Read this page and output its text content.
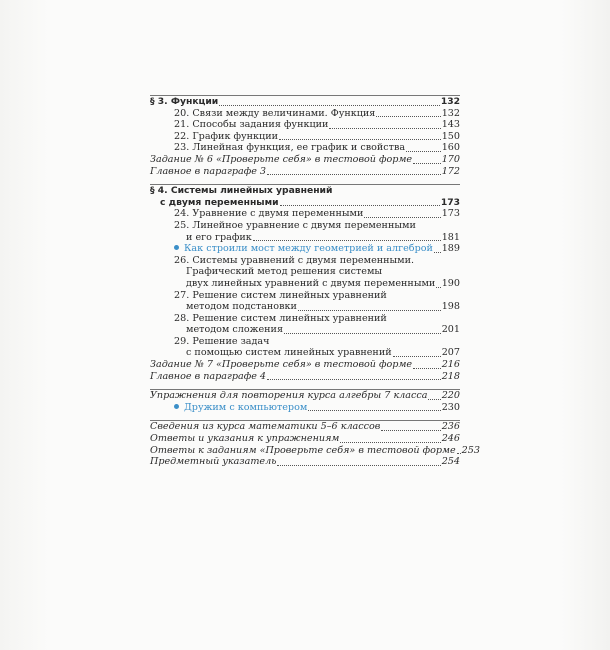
§ 3. Функции	132
20. Связи между величинами. Функция	132
21. Способы задания функции	143
22. График функции	150
23. Линейная функция, ее график и свойства	160
Задание № 6 «Проверьте себя» в тестовой форме	170
Главное в параграфе 3	172
§ 4. Системы линейных уравнений
с двумя переменными	173
24. Уравнение с двумя переменными	173
25. Линейное уравнение с двумя переменными
и его график	181
Как строили мост между геометрией и алгеброй 189
26. Системы уравнений с двумя переменными.
Графический метод решения системы
двух линейных уравнений с двумя переменными 190
27. Решение систем линейных уравнений
методом подстановки	198
28. Решение систем линейных уравнений
методом сложения	201
29. Решение задач
с помощью систем линейных уравнений	207
Задание № 7 «Проверьте себя» в тестовой форме	216
Главное в параграфе 4	218
Упражнения для повторения курса алгебры 7 класса 220
Дружим с компьютером	230
Сведения из курса математики 5–6 классов	236
Ответы и указания к упражнениям	246
Ответы к заданиям «Проверьте себя» в тестовой форме 253
Предметный указатель	254
